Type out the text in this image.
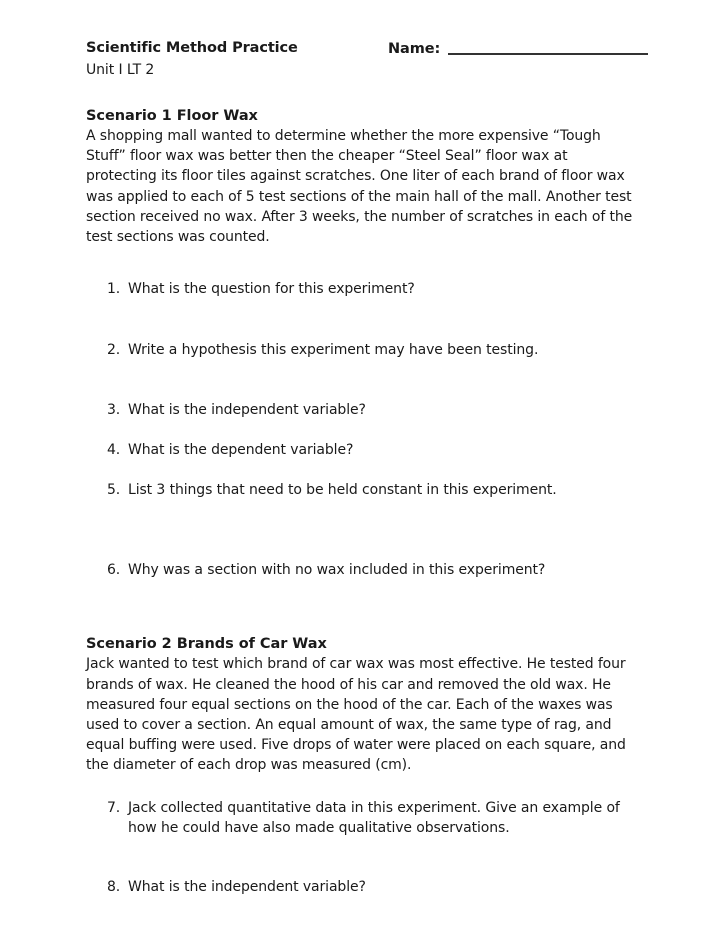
Scientific Method Practice
Unit I LT 2
Name:
Scenario 1 Floor Wax

A shopping mall wanted to determine whether the more expensive “Tough Stuff” floor wax was better then the cheaper “Steel Seal” floor wax at protecting its floor tiles against scratches. One liter of each brand of floor wax was applied to each of 5 test sections of the main hall of the mall. Another test section received no wax. After 3 weeks, the number of scratches in each of the test sections was counted.

1. What is the question for this experiment?
2. Write a hypothesis this experiment may have been testing.
3. What is the independent variable?
4. What is the dependent variable?
5. List 3 things that need to be held constant in this experiment.
6. Why was a section with no wax included in this experiment?
Scenario 2 Brands of Car Wax

Jack wanted to test which brand of car wax was most effective. He tested four brands of wax. He cleaned the hood of his car and removed the old wax. He measured four equal sections on the hood of the car. Each of the waxes was used to cover a section. An equal amount of wax, the same type of rag, and equal buffing were used. Five drops of water were placed on each square, and the diameter of each drop was measured (cm).

7. Jack collected quantitative data in this experiment. Give an example of how he could have also made qualitative observations.
8. What is the independent variable?
